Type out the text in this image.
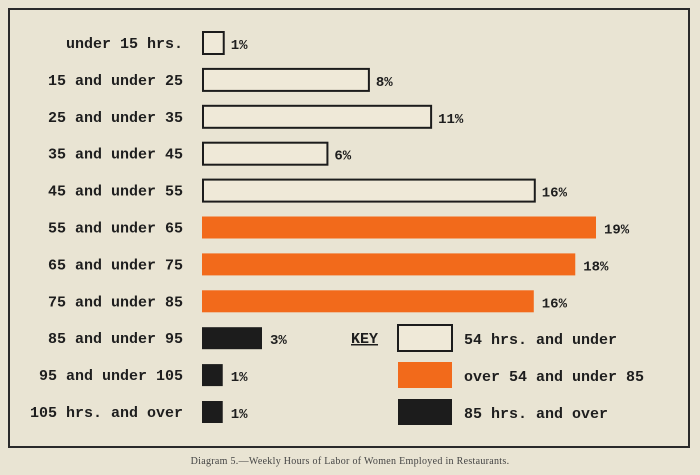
under 15 hrs.	1%
15 and under 25	8%
25 and under 35	11%
35 and under 45	6%
45 and under 55	16%
55 and under 65	19%
65 and under 75	18%
75 and under 85	16%
85 and under 95	3%
95 and under 105	1%
105 hrs. and over	1%
KEY	54 hrs. and under
over 54 and under 85
85 hrs. and over
Diagram 5.—Weekly Hours of Labor of Women Employed in Restaurants.
